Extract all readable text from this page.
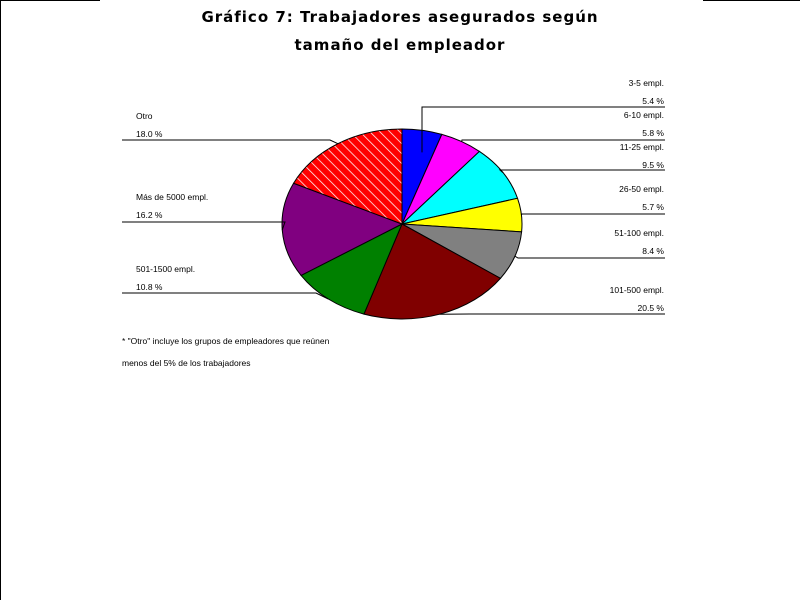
Gráfico 7: Trabajadores asegurados según
tamaño del empleador
3-5 empl.
5.4 %
6-10 empl.
5.8 %
11-25 empl.
9.5 %
26-50 empl.
5.7 %
51-100 empl.
8.4 %
101-500 empl.
20.5 %
501-1500 empl.
10.8 %
Más de 5000 empl.
16.2 %
Otro
18.0 %
* "Otro" incluye los grupos de empleadores que reúnen
menos del 5% de los trabajadores
